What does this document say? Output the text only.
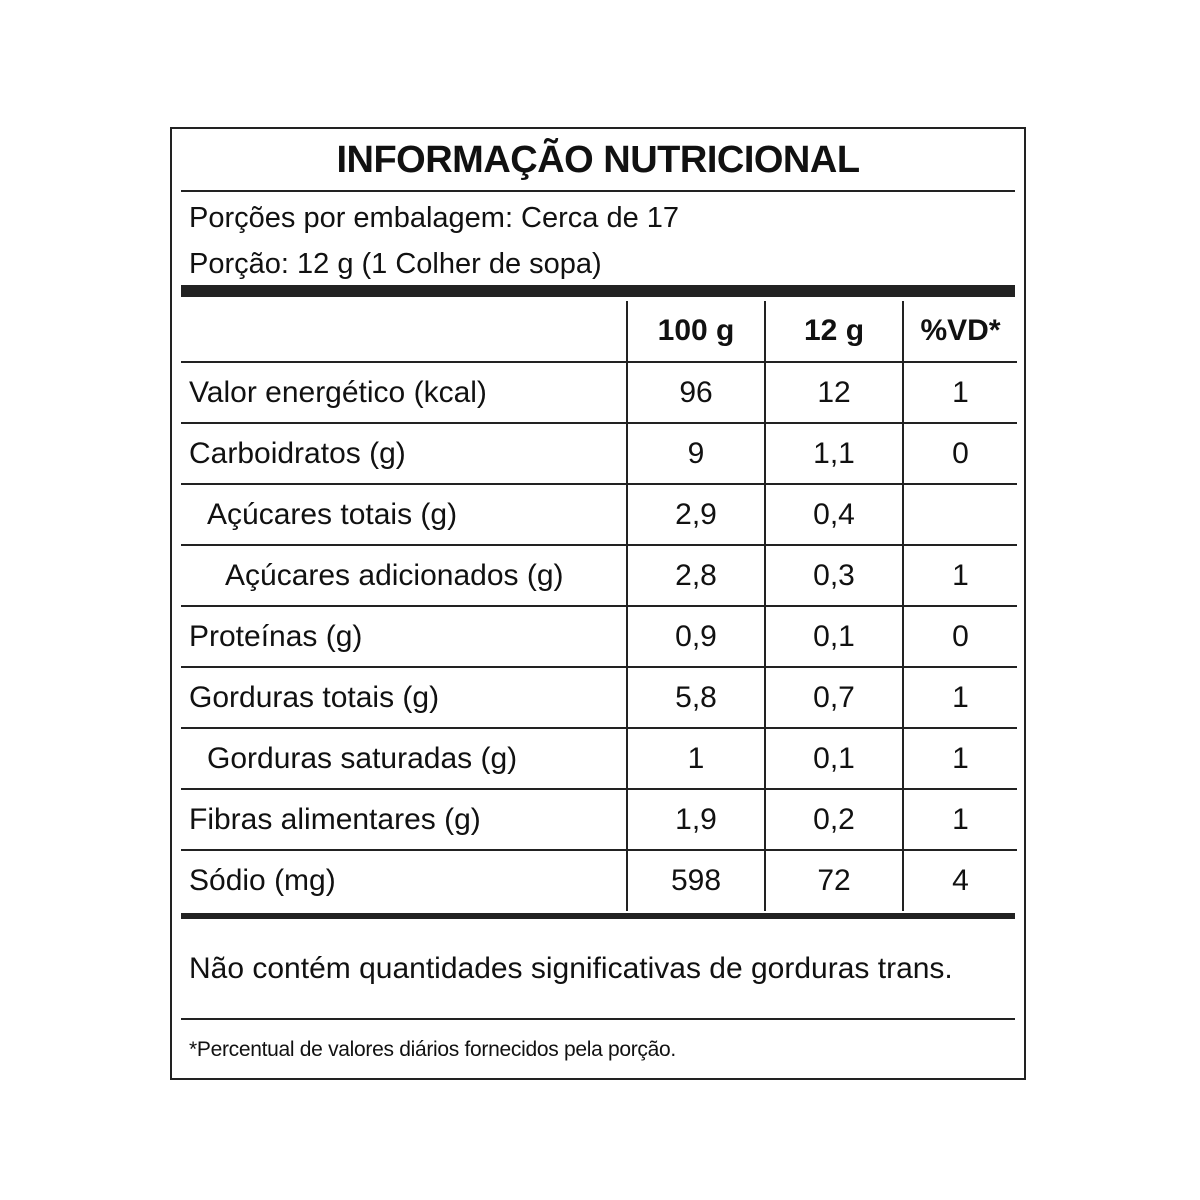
INFORMAÇÃO NUTRICIONAL
Porções por embalagem: Cerca de 17
Porção: 12 g (1 Colher de sopa)
	100 g	12 g	%VD*
Valor energético (kcal)	96	12	1
Carboidratos (g)	9	1,1	0
Açúcares totais (g)	2,9	0,4	
Açúcares adicionados (g)	2,8	0,3	1
Proteínas (g)	0,9	0,1	0
Gorduras totais (g)	5,8	0,7	1
Gorduras saturadas (g)	1	0,1	1
Fibras alimentares (g)	1,9	0,2	1
Sódio (mg)	598	72	4
Não contém quantidades significativas de gorduras trans.
*Percentual de valores diários fornecidos pela porção.
